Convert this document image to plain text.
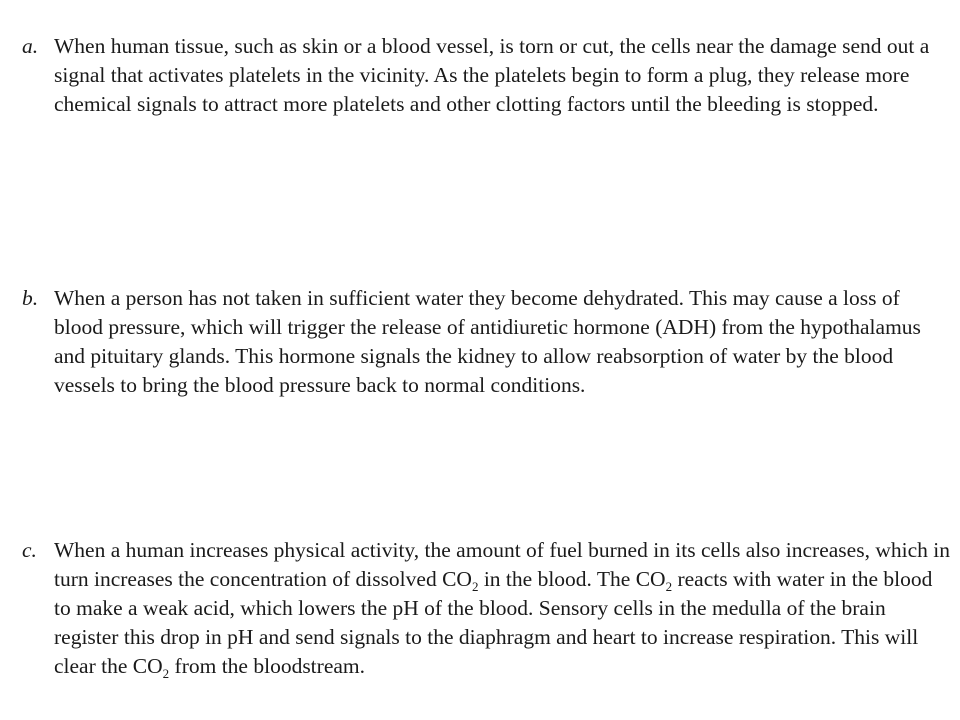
a. When human tissue, such as skin or a blood vessel, is torn or cut, the cells near the damage send out a signal that activates platelets in the vicinity. As the platelets begin to form a plug, they release more chemical signals to attract more platelets and other clotting factors until the bleeding is stopped.
b. When a person has not taken in sufficient water they become dehydrated. This may cause a loss of blood pressure, which will trigger the release of antidiuretic hormone (ADH) from the hypothalamus and pituitary glands. This hormone signals the kidney to allow reabsorption of water by the blood vessels to bring the blood pressure back to normal conditions.
c. When a human increases physical activity, the amount of fuel burned in its cells also increases, which in turn increases the concentration of dissolved $CO_2$ in the blood. The $CO_2$ reacts with water in the blood to make a weak acid, which lowers the pH of the blood. Sensory cells in the medulla of the brain register this drop in pH and send signals to the diaphragm and heart to increase respiration. This will clear the $CO_2$ from the bloodstream.
